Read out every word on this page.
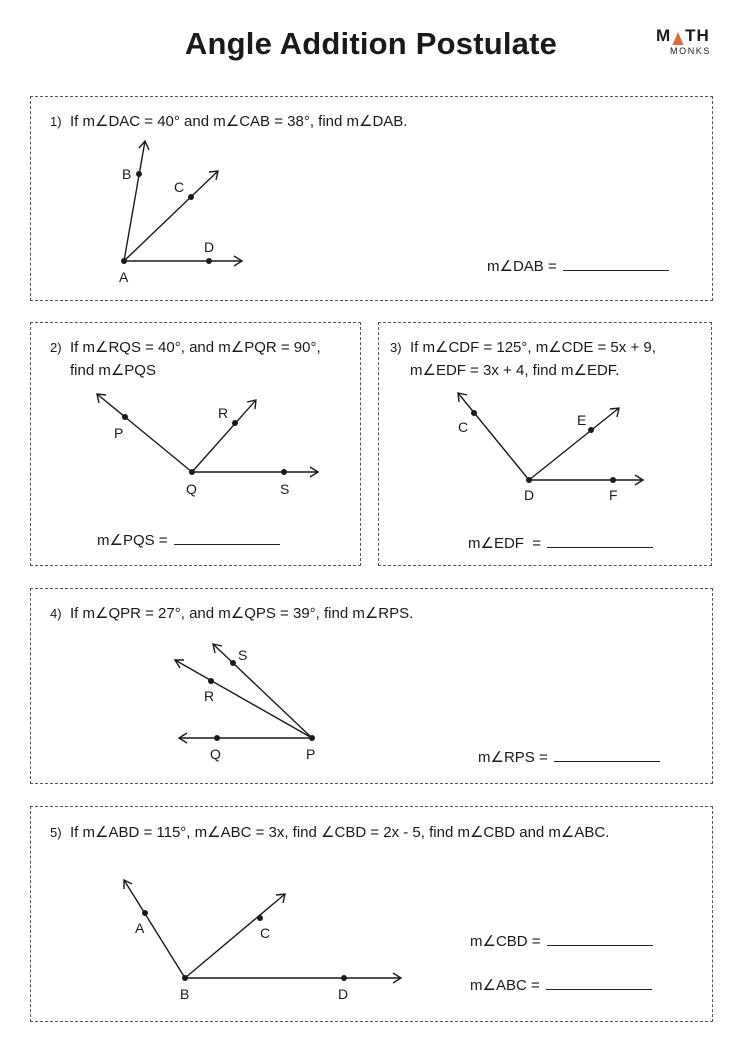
Angle Addition Postulate	M TH
MONKS
1) If m∠DAC = 40° and m∠CAB = 38°, find m∠DAB.
B
C
D
A
m∠DAB =
2) If m∠RQS = 40°, and m∠PQR = 90°,
find m∠PQS
P
R
Q	S
m∠PQS =
3) If m∠CDF = 125°, m∠CDE = 5x + 9,
m∠EDF = 3x + 4, find m∠EDF.
C	E
D	F
m∠EDF  =
4) If m∠QPR = 27°, and m∠QPS = 39°, find m∠RPS.
S
R
Q	P	m∠RPS =
5) If m∠ABD = 115°, m∠ABC = 3x, find ∠CBD = 2x - 5, find m∠CBD and m∠ABC.
A	C
B	D
m∠CBD =
m∠ABC =
